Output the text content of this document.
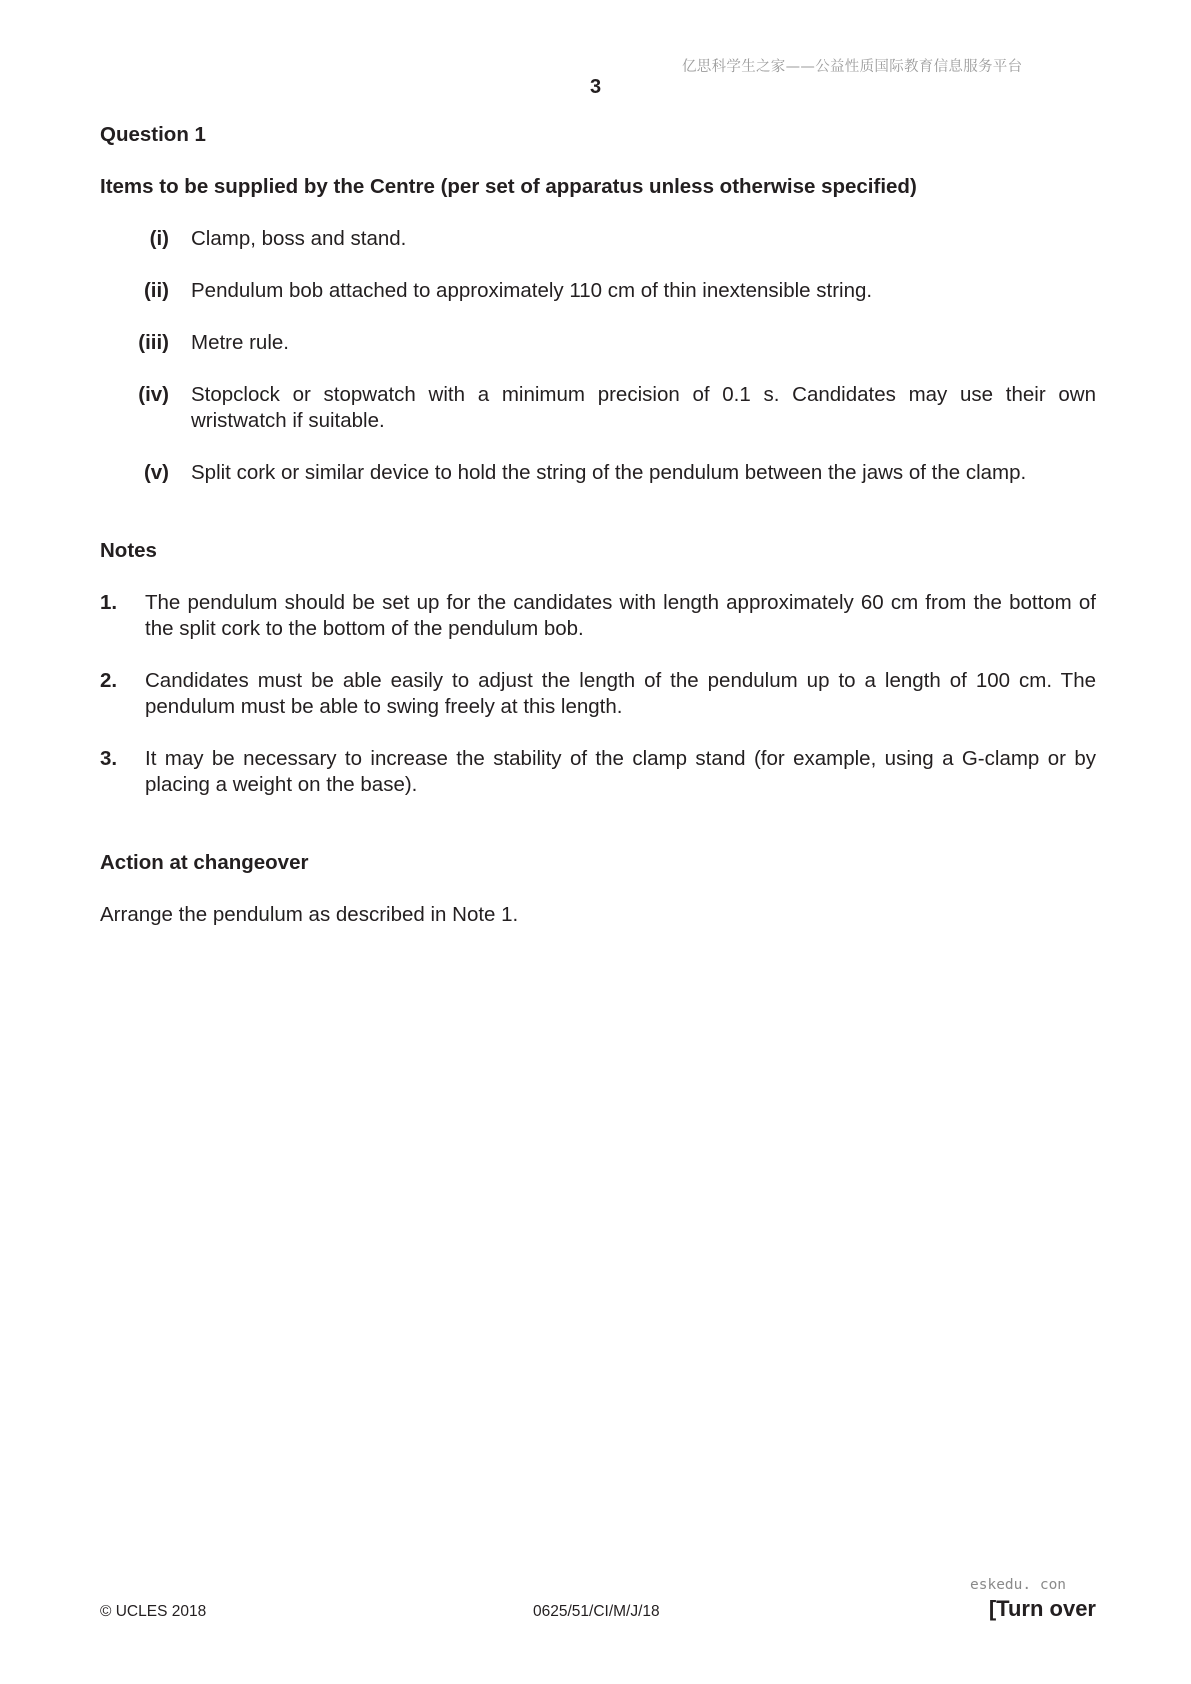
亿思科学生之家——公益性质国际教育信息服务平台
3

Question 1

Items to be supplied by the Centre (per set of apparatus unless otherwise specified)

(i)	Clamp, boss and stand.
(ii)	Pendulum bob attached to approximately 110 cm of thin inextensible string.
(iii)	Metre rule.
(iv)	Stopclock or stopwatch with a minimum precision of 0.1 s. Candidates may use their own wristwatch if suitable.
(v)	Split cork or similar device to hold the string of the pendulum between the jaws of the clamp.

Notes

1.	The pendulum should be set up for the candidates with length approximately 60 cm from the bottom of the split cork to the bottom of the pendulum bob.
2.	Candidates must be able easily to adjust the length of the pendulum up to a length of 100 cm. The pendulum must be able to swing freely at this length.
3.	It may be necessary to increase the stability of the clamp stand (for example, using a G-clamp or by placing a weight on the base).

Action at changeover

Arrange the pendulum as described in Note 1.

© UCLES 2018	0625/51/CI/M/J/18
eskedu. con
[Turn over
